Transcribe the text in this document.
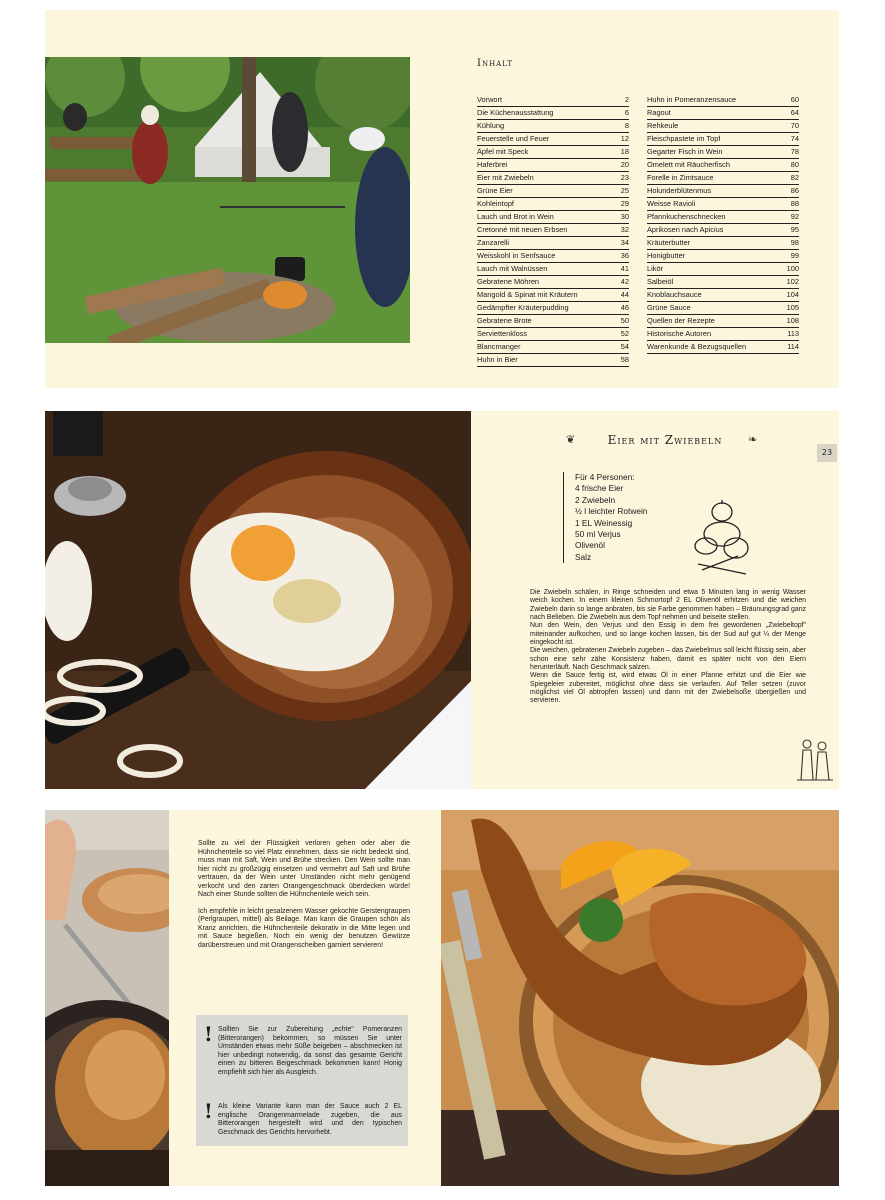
Inhalt
Vorwort	2
Die Küchenausstattung	6
Kühlung	8
Feuerstelle und Feuer	12
Äpfel mit Speck	18
Haferbrei	20
Eier mit Zwiebeln	23
Grüne Eier	25
Kohleintopf	29
Lauch und Brot in Wein	30
Cretonné mit neuen Erbsen	32
Zanzarelli	34
Weisskohl in Senfsauce	36
Lauch mit Walnüssen	41
Gebratene Möhren	42
Mangold & Spinat mit Kräutern	44
Gedämpfter Kräuterpudding	46
Gebratene Brote	50
Serviettenkloss	52
Blancmanger	54
Huhn in Bier	58
Huhn in Pomeranzensauce	60
Ragout	64
Rehkeule	70
Fleischpastete im Topf	74
Gegarter Fisch in Wein	78
Omelett mit Räucherfisch	80
Forelle in Zimtsauce	82
Holunderblütenmus	86
Weisse Ravioli	88
Pfannkuchenschnecken	92
Aprikosen nach Apicius	95
Kräuterbutter	98
Honigbutter	99
Likör	100
Salbeiöl	102
Knoblauchsauce	104
Grüne Sauce	105
Quellen der Rezepte	108
Historische Autoren	113
Warenkunde & Bezugsquellen	114
❦	Eier mit Zwiebeln	❧
23
Für 4 Personen:
4 frische Eier
2 Zwiebeln
½ l leichter Rotwein
1 EL Weinessig
50 ml Verjus
Olivenöl
Salz

Die Zwiebeln schälen, in Ringe schneiden und etwa 5 Minuten lang in wenig Wasser weich kochen. In einem kleinen Schmortopf 2 EL Olivenöl erhitzen und die weichen Zwiebeln darin so lange anbraten, bis sie Farbe genommen haben – Bräunungsgrad ganz nach Belieben. Die Zwiebeln aus dem Topf nehmen und beiseite stellen.

Nun den Wein, den Verjus und den Essig in dem frei gewordenen „Zwiebeltopf" miteinander aufkochen, und so lange kochen lassen, bis der Sud auf gut ¼ der Menge eingekocht ist.

Die weichen, gebratenen Zwiebeln zugeben – das Zwiebelmus soll leicht flüssig sein, aber schon eine sehr zähe Konsistenz haben, damit es später nicht von den Eiern herunterläuft. Nach Geschmack salzen.

Wenn die Sauce fertig ist, wird etwas Öl in einer Pfanne erhitzt und die Eier wie Spiegeleier zubereitet, möglichst ohne dass sie verlaufen. Auf Teller setzen (zuvor möglichst viel Öl abtropfen lassen) und dann mit der Zwiebelsoße übergießen und servieren.

Sollte zu viel der Flüssigkeit verloren gehen oder aber die Hühnchenteile so viel Platz einnehmen, dass sie nicht bedeckt sind, muss man mit Saft, Wein und Brühe strecken. Den Wein sollte man hier nicht zu großzügig einsetzen und vermehrt auf Saft und Brühe vertrauen, da der Wein unter Umständen nicht mehr genügend verkocht und den zarten Orangengeschmack überdecken würde! Nach einer Stunde sollten die Hühnchenteile weich sein.

Ich empfehle in leicht gesalzenem Wasser gekochte Gerstengraupen (Perlgraupen, mittel) als Beilage. Man kann die Graupen schön als Kranz anrichten, die Hühnchenteile dekorativ in die Mitte legen und mit Sauce begießen. Noch ein wenig der benutzen Gewürze darüberstreuen und mit Orangenscheiben garniert servieren!

! Sollten Sie zur Zubereitung „echte" Pomeranzen (Bitterorangen) bekommen, so müssen Sie unter Umständen etwas mehr Süße beigeben – abschmecken ist hier unbedingt notwendig, da sonst das gesamte Gericht einen zu bitteren Beigeschmack bekommen kann! Honig empfiehlt sich hier als Ausgleich.
! Als kleine Variante kann man der Sauce auch 2 EL englische Orangenmarmelade zugeben, die aus Bitterorangen hergestellt wird und den typischen Geschmack des Gerichts hervorhebt.
